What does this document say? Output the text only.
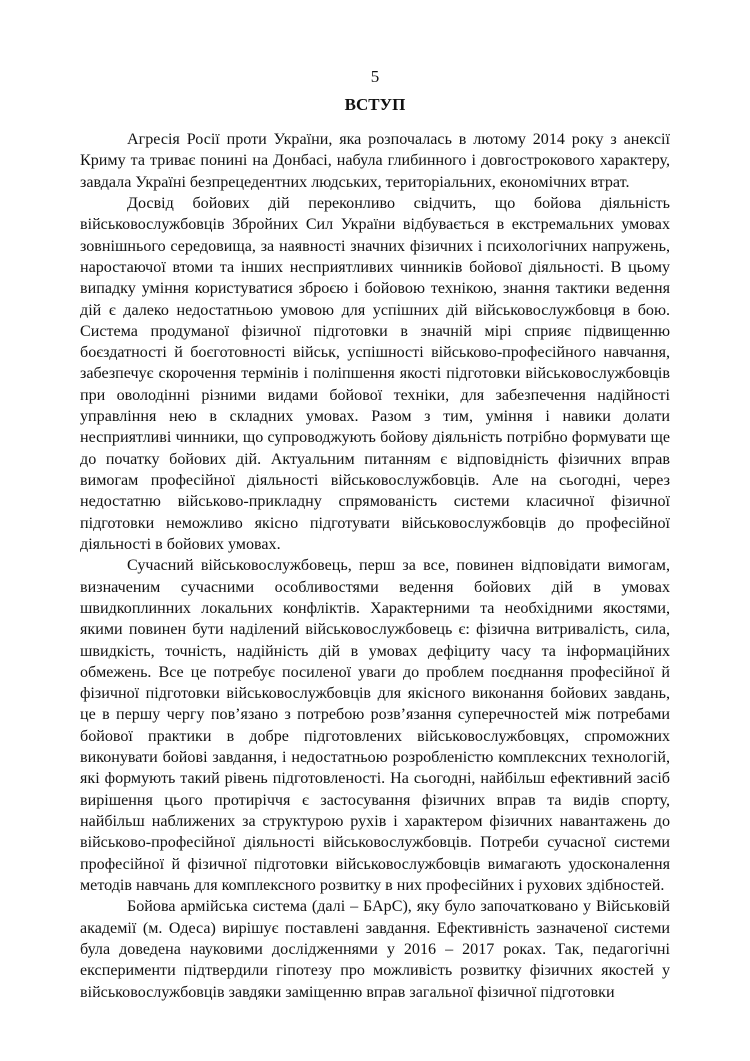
5
ВСТУП

Агресія Росії проти України, яка розпочалась в лютому 2014 року з анексії Криму та триває понині на Донбасі, набула глибинного і довгострокового характеру, завдала Україні безпрецедентних людських, територіальних, економічних втрат.

Досвід бойових дій переконливо свідчить, що бойова діяльність військовослужбовців Збройних Сил України відбувається в екстремальних умовах зовнішнього середовища, за наявності значних фізичних і психологічних напружень, наростаючої втоми та інших несприятливих чинників бойової діяльності. В цьому випадку уміння користуватися зброєю і бойовою технікою, знання тактики ведення дій є далеко недостатньою умовою для успішних дій військовослужбовця в бою. Система продуманої фізичної підготовки в значній мірі сприяє підвищенню боєздатності й боєготовності військ, успішності військово-професійного навчання, забезпечує скорочення термінів і поліпшення якості підготовки військовослужбовців при оволодінні різними видами бойової техніки, для забезпечення надійності управління нею в складних умовах. Разом з тим, уміння і навики долати несприятливі чинники, що супроводжують бойову діяльність потрібно формувати ще до початку бойових дій. Актуальним питанням є відповідність фізичних вправ вимогам професійної діяльності військовослужбовців. Але на сьогодні, через недостатню військово-прикладну спрямованість системи класичної фізичної підготовки неможливо якісно підготувати військовослужбовців до професійної діяльності в бойових умовах.

Сучасний військовослужбовець, перш за все, повинен відповідати вимогам, визначеним сучасними особливостями ведення бойових дій в умовах швидкоплинних локальних конфліктів. Характерними та необхідними якостями, якими повинен бути наділений військовослужбовець є: фізична витривалість, сила, швидкість, точність, надійність дій в умовах дефіциту часу та інформаційних обмежень. Все це потребує посиленої уваги до проблем поєднання професійної й фізичної підготовки військовослужбовців для якісного виконання бойових завдань, це в першу чергу пов’язано з потребою розв’язання суперечностей між потребами бойової практики в добре підготовлених військовослужбовцях, спроможних виконувати бойові завдання, і недостатньою розробленістю комплексних технологій, які формують такий рівень підготовленості. На сьогодні, найбільш ефективний засіб вирішення цього протиріччя є застосування фізичних вправ та видів спорту, найбільш наближених за структурою рухів і характером фізичних навантажень до військово-професійної діяльності військовослужбовців. Потреби сучасної системи професійної й фізичної підготовки військовослужбовців вимагають удосконалення методів навчань для комплексного розвитку в них професійних і рухових здібностей.

Бойова армійська система (далі – БАрС), яку було започатковано у Військовій академії (м. Одеса) вирішує поставлені завдання. Ефективність зазначеної системи була доведена науковими дослідженнями у 2016 – 2017 роках. Так, педагогічні експерименти підтвердили гіпотезу про можливість розвитку фізичних якостей у військовослужбовців завдяки заміщенню вправ загальної фізичної підготовки
